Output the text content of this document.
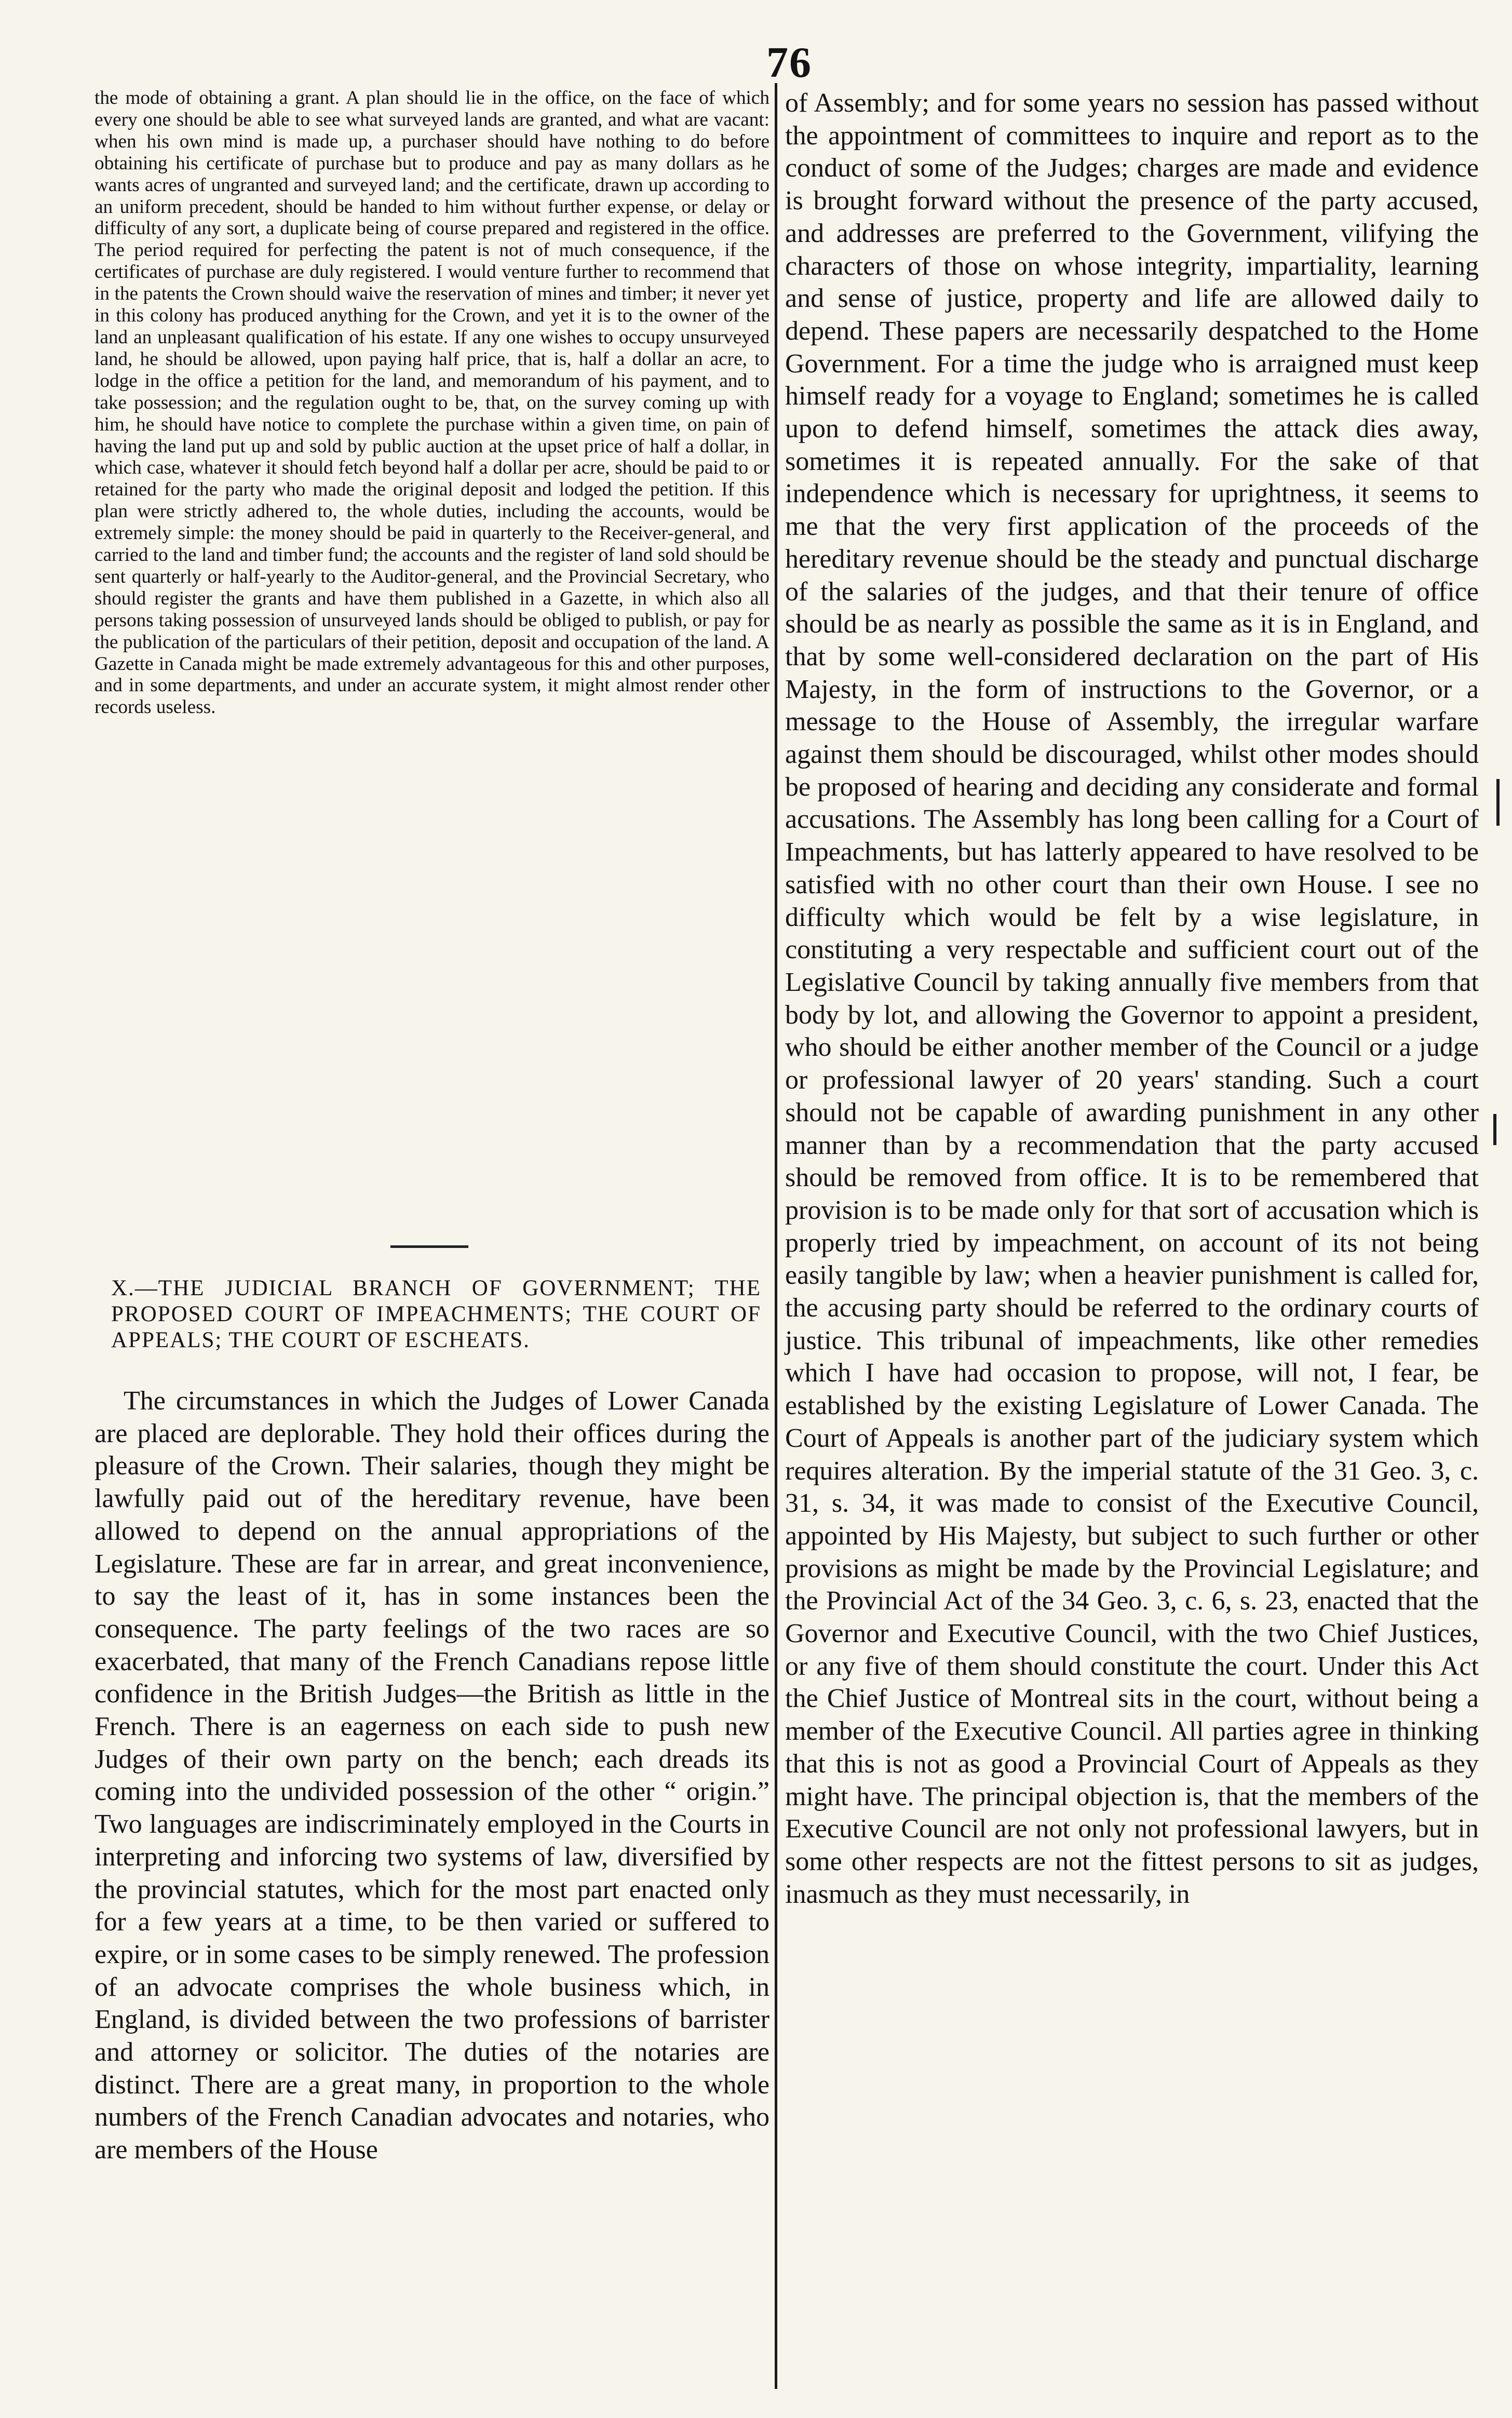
76

the mode of obtaining a grant. A plan should lie in the office, on the face of which every one should be able to see what surveyed lands are granted, and what are vacant: when his own mind is made up, a purchaser should have nothing to do before obtaining his certificate of purchase but to produce and pay as many dollars as he wants acres of ungranted and surveyed land; and the certificate, drawn up according to an uniform precedent, should be handed to him without further expense, or delay or difficulty of any sort, a duplicate being of course prepared and registered in the office. The period required for perfecting the patent is not of much consequence, if the certificates of purchase are duly registered. I would venture further to recommend that in the patents the Crown should waive the reservation of mines and timber; it never yet in this colony has produced anything for the Crown, and yet it is to the owner of the land an unpleasant qualification of his estate. If any one wishes to occupy unsurveyed land, he should be allowed, upon paying half price, that is, half a dollar an acre, to lodge in the office a petition for the land, and memorandum of his payment, and to take possession; and the regulation ought to be, that, on the survey coming up with him, he should have notice to complete the purchase within a given time, on pain of having the land put up and sold by public auction at the upset price of half a dollar, in which case, whatever it should fetch beyond half a dollar per acre, should be paid to or retained for the party who made the original deposit and lodged the petition. If this plan were strictly adhered to, the whole duties, including the accounts, would be extremely simple: the money should be paid in quarterly to the Receiver-general, and carried to the land and timber fund; the accounts and the register of land sold should be sent quarterly or half-yearly to the Auditor-general, and the Provincial Secretary, who should register the grants and have them published in a Gazette, in which also all persons taking possession of unsurveyed lands should be obliged to publish, or pay for the publication of the particulars of their petition, deposit and occupation of the land. A Gazette in Canada might be made extremely advantageous for this and other purposes, and in some departments, and under an accurate system, it might almost render other records useless.

X.—THE JUDICIAL BRANCH OF GOVERNMENT; THE PROPOSED COURT OF IMPEACHMENTS; THE COURT OF APPEALS; THE COURT OF ESCHEATS.

The circumstances in which the Judges of Lower Canada are placed are deplorable. They hold their offices during the pleasure of the Crown. Their salaries, though they might be lawfully paid out of the hereditary revenue, have been allowed to depend on the annual appropriations of the Legislature. These are far in arrear, and great inconvenience, to say the least of it, has in some instances been the consequence. The party feelings of the two races are so exacerbated, that many of the French Canadians repose little confidence in the British Judges—the British as little in the French. There is an eagerness on each side to push new Judges of their own party on the bench; each dreads its coming into the undivided possession of the other “ origin.” Two languages are indiscriminately employed in the Courts in interpreting and inforcing two systems of law, diversified by the provincial statutes, which for the most part enacted only for a few years at a time, to be then varied or suffered to expire, or in some cases to be simply renewed. The profession of an advocate comprises the whole business which, in England, is divided between the two professions of barrister and attorney or solicitor. The duties of the notaries are distinct. There are a great many, in proportion to the whole numbers of the French Canadian advocates and notaries, who are members of the House

of Assembly; and for some years no session has passed without the appointment of committees to inquire and report as to the conduct of some of the Judges; charges are made and evidence is brought forward without the presence of the party accused, and addresses are preferred to the Government, vilifying the characters of those on whose integrity, impartiality, learning and sense of justice, property and life are allowed daily to depend. These papers are necessarily despatched to the Home Government. For a time the judge who is arraigned must keep himself ready for a voyage to England; sometimes he is called upon to defend himself, sometimes the attack dies away, sometimes it is repeated annually. For the sake of that independence which is necessary for uprightness, it seems to me that the very first application of the proceeds of the hereditary revenue should be the steady and punctual discharge of the salaries of the judges, and that their tenure of office should be as nearly as possible the same as it is in England, and that by some well-considered declaration on the part of His Majesty, in the form of instructions to the Governor, or a message to the House of Assembly, the irregular warfare against them should be discouraged, whilst other modes should be proposed of hearing and deciding any considerate and formal accusations. The Assembly has long been calling for a Court of Impeachments, but has latterly appeared to have resolved to be satisfied with no other court than their own House. I see no difficulty which would be felt by a wise legislature, in constituting a very respectable and sufficient court out of the Legislative Council by taking annually five members from that body by lot, and allowing the Governor to appoint a president, who should be either another member of the Council or a judge or professional lawyer of 20 years' standing. Such a court should not be capable of awarding punishment in any other manner than by a recommendation that the party accused should be removed from office. It is to be remembered that provision is to be made only for that sort of accusation which is properly tried by impeachment, on account of its not being easily tangible by law; when a heavier punishment is called for, the accusing party should be referred to the ordinary courts of justice. This tribunal of impeachments, like other remedies which I have had occasion to propose, will not, I fear, be established by the existing Legislature of Lower Canada. The Court of Appeals is another part of the judiciary system which requires alteration. By the imperial statute of the 31 Geo. 3, c. 31, s. 34, it was made to consist of the Executive Council, appointed by His Majesty, but subject to such further or other provisions as might be made by the Provincial Legislature; and the Provincial Act of the 34 Geo. 3, c. 6, s. 23, enacted that the Governor and Executive Council, with the two Chief Justices, or any five of them should constitute the court. Under this Act the Chief Justice of Montreal sits in the court, without being a member of the Executive Council. All parties agree in thinking that this is not as good a Provincial Court of Appeals as they might have. The principal objection is, that the members of the Executive Council are not only not professional lawyers, but in some other respects are not the fittest persons to sit as judges, inasmuch as they must necessarily, in
